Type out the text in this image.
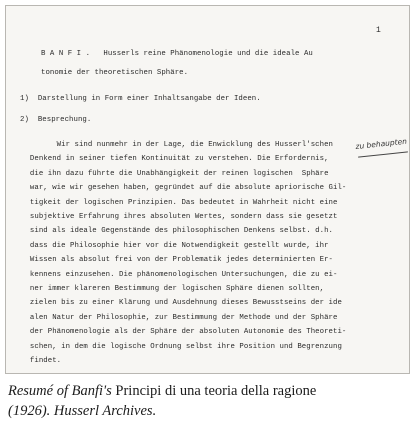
1
B A N F I .   Husserls reine Phänomenologie und die ideale Au
tonomie der theoretischen Sphäre.
1) Darstellung in Form einer Inhaltsangabe der Ideen.
2) Besprechung.
Wir sind nunmehr in der Lage, die Enwicklung des Husserl'schen
Denkend in seiner tiefen Kontinuität zu verstehen. Die Erfordernis,
die ihn dazu führte die Unabhängigkeit der reinen logischen  Sphäre
war, wie wir gesehen haben, gegründet auf die absolute apriorische Gil-
tigkeit der logischen Prinzipien. Das bedeutet in Wahrheit nicht eine
subjektive Erfahrung ihres absoluten Wertes, sondern dass sie gesetzt
sind als ideale Gegenstände des philosophischen Denkens selbst. d.h.
dass die Philosophie hier vor die Notwendigkeit gestellt wurde, ihr
Wissen als absolut frei von der Problematik jedes determinierten Er-
kennens einzusehen. Die phänomenologischen Untersuchungen, die zu ei-
ner immer klareren Bestimmung der logischen Sphäre dienen sollten,
zielen bis zu einer Klärung und Ausdehnung dieses Bewusstseins der ide
alen Natur der Philosophie, zur Bestimmung der Methode und der Sphäre
der Phänomenologie als der Sphäre der absoluten Autonomie des Theoreti-
schen, in dem die logische Ordnung selbst ihre Position und Begrenzung
findet.
zu behaupten
Resumé of Banfi's Principi di una teoria della ragione
(1926). Husserl Archives.
